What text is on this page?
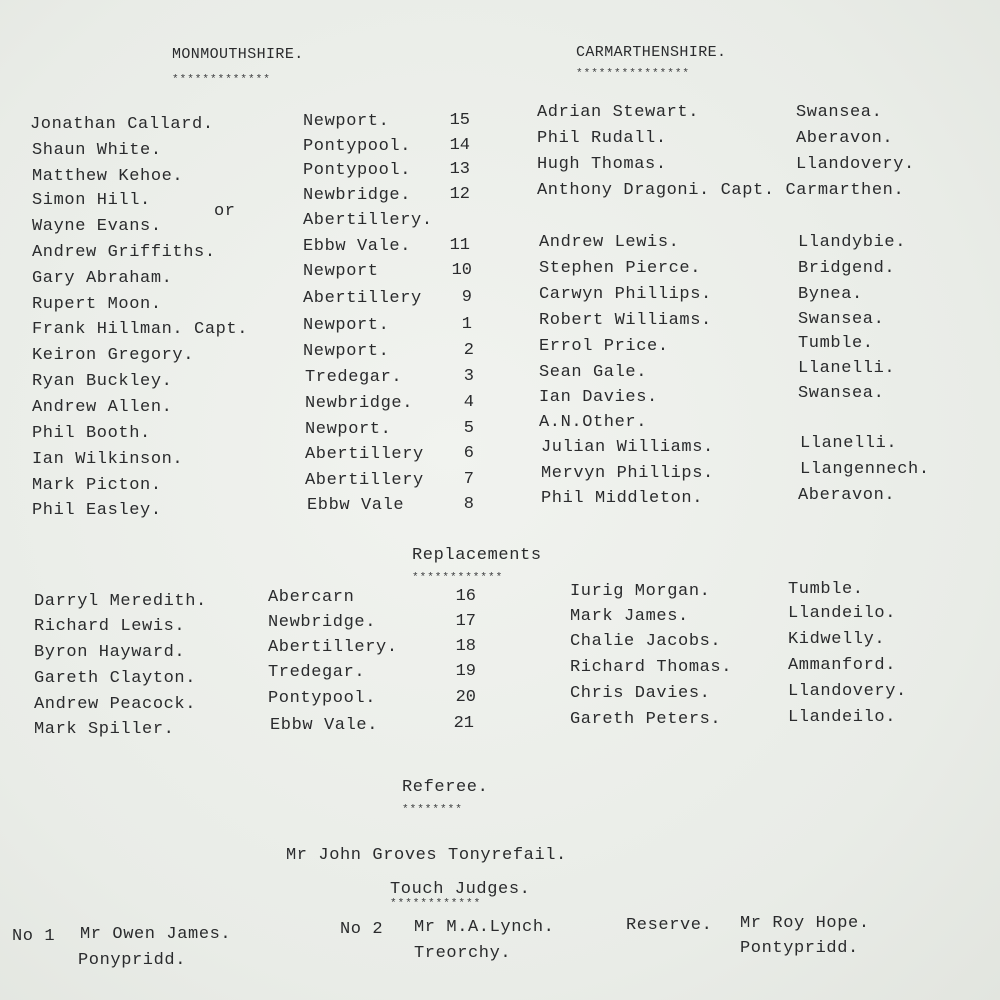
MONMOUTHSHIRE.
*************
CARMARTHENSHIRE.
***************
Jonathan Callard.	Newport.	15
Shaun White.	Pontypool.	14
Matthew Kehoe.	Pontypool.	13
Simon Hill.	Newbridge.	12
or
Wayne Evans.	Abertillery.
Andrew Griffiths.	Ebbw Vale.	11
Gary Abraham.	Newport	10
Rupert Moon.	Abertillery	9
Frank Hillman. Capt.	Newport.	1
Keiron Gregory.	Newport.	2
Ryan Buckley.	Tredegar.	3
Andrew Allen.	Newbridge.	4
Phil Booth.	Newport.	5
Ian Wilkinson.	Abertillery	6
Mark Picton.	Abertillery	7
Phil Easley.	Ebbw Vale	8
Adrian Stewart.	Swansea.
Phil Rudall.	Aberavon.
Hugh Thomas.	Llandovery.
Anthony Dragoni. Capt. Carmarthen.
Andrew Lewis.	Llandybie.
Stephen Pierce.	Bridgend.
Carwyn Phillips.	Bynea.
Robert Williams.	Swansea.
Errol Price.	Tumble.
Sean Gale.	Llanelli.
Ian Davies.	Swansea.
A.N.Other.
Julian Williams.	Llanelli.
Mervyn Phillips.	Llangennech.
Phil Middleton.	Aberavon.
Replacements
************
Darryl Meredith.	Abercarn	16
Richard Lewis.	Newbridge.	17
Byron Hayward.	Abertillery.	18
Gareth Clayton.	Tredegar.	19
Andrew Peacock.	Pontypool.	20
Mark Spiller.	Ebbw Vale.	21
Iurig Morgan.	Tumble.
Mark James.	Llandeilo.
Chalie Jacobs.	Kidwelly.
Richard Thomas.	Ammanford.
Chris Davies.	Llandovery.
Gareth Peters.	Llandeilo.
Referee.
********
Mr John Groves Tonyrefail.
Touch Judges.
************
No 1 Mr Owen James.
Ponypridd.
No 2 Mr M.A.Lynch.
Treorchy.
Reserve. Mr Roy Hope.
Pontypridd.
